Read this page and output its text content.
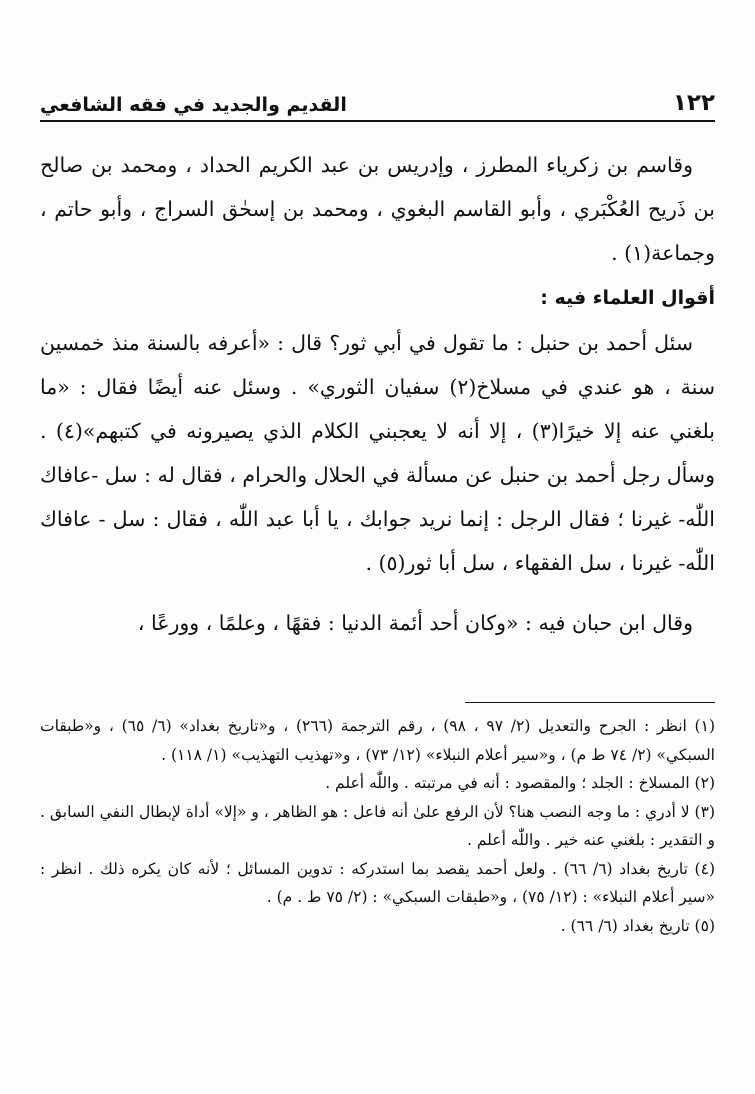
١٢٢
القديم والجديد في فقه الشافعي

وقاسم بن زكرياء المطرز ، وإدريس بن عبد الكريم الحداد ، ومحمد بن صالح بن ذَريح العُكْبَري ، وأبو القاسم البغوي ، ومحمد بن إسحٰق السراج ، وأبو حاتم ، وجماعة(١) .

أقوال العلماء فيه :

سئل أحمد بن حنبل : ما تقول في أبي ثور؟ قال : «أعرفه بالسنة منذ خمسين سنة ، هو عندي في مسلاخ(٢) سفيان الثوري» . وسئل عنه أيضًا فقال : «ما بلغني عنه إلا خيرًا(٣) ، إلا أنه لا يعجبني الكلام الذي يصيرونه في كتبهم»(٤) . وسأل رجل أحمد بن حنبل عن مسألة في الحلال والحرام ، فقال له : سل -عافاك اللّٰه- غيرنا ؛ فقال الرجل : إنما نريد جوابك ، يا أبا عبد اللّٰه ، فقال : سل - عافاك اللّٰه- غيرنا ، سل الفقهاء ، سل أبا ثور(٥) .

وقال ابن حبان فيه : «وكان أحد أئمة الدنيا : فقهًا ، وعلمًا ، وورعًا ،

(١) انظر : الجرح والتعديل (٢/ ٩٧ ، ٩٨) ، رقم الترجمة (٢٦٦) ، و«تاريخ بغداد» (٦/ ٦٥) ، و«طبقات السبكي» (٢/ ٧٤ ط م) ، و«سير أعلام النبلاء» (١٢/ ٧٣) ، و«تهذيب التهذيب» (١/ ١١٨) .

(٢) المسلاخ : الجلد ؛ والمقصود : أنه في مرتبته . واللّٰه أعلم .

(٣) لا أدري : ما وجه النصب هنا؟ لأن الرفع علىٰ أنه فاعل : هو الظاهر ، و «إلا» أداة لإبطال النفي السابق . و التقدير : بلغني عنه خير . واللّٰه أعلم .

(٤) تاريخ بغداد (٦/ ٦٦) . ولعل أحمد يقصد بما استدركه : تدوين المسائل ؛ لأنه كان يكره ذلك . انظر : «سير أعلام النبلاء» : (١٢/ ٧٥) ، و«طبقات السبكي» : (٢/ ٧٥ ط . م) .

(٥) تاريخ بغداد (٦/ ٦٦) .
